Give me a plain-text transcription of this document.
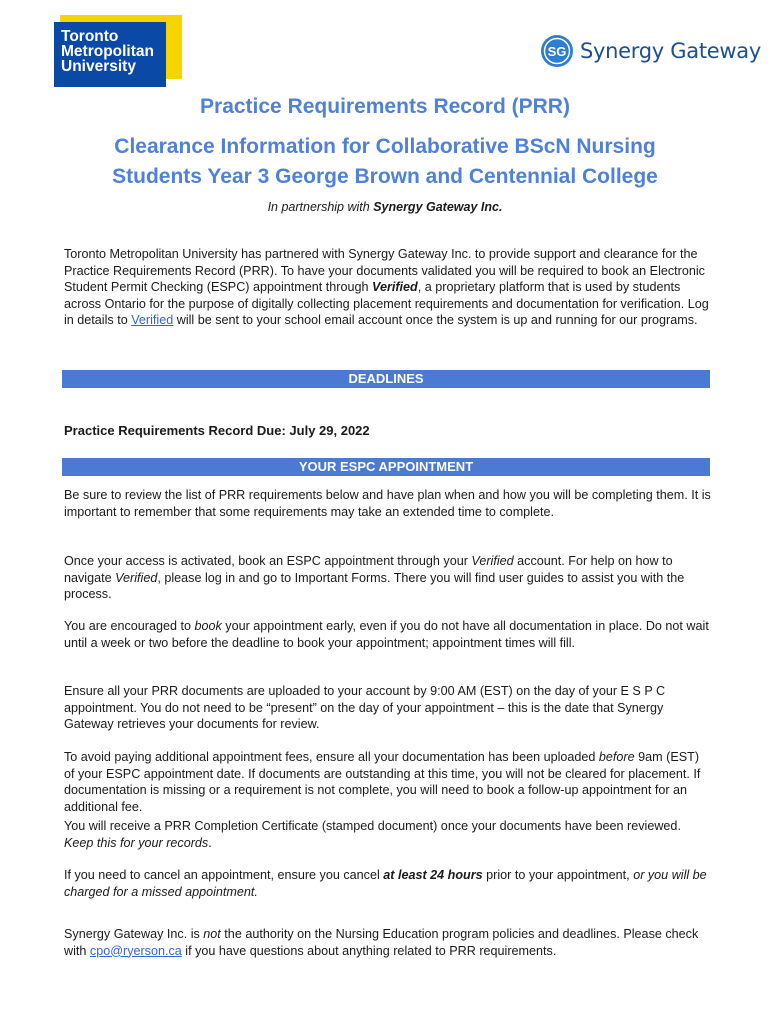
Toronto
Metropolitan
University
SG Synergy Gateway
Practice Requirements Record (PRR)
Clearance Information for Collaborative BScN Nursing
Students Year 3 George Brown and Centennial College
In partnership with Synergy Gateway Inc.
Toronto Metropolitan University has partnered with Synergy Gateway Inc. to provide support and clearance for the Practice Requirements Record (PRR). To have your documents validated you will be required to book an Electronic Student Permit Checking (ESPC) appointment through Verified, a proprietary platform that is used by students across Ontario for the purpose of digitally collecting placement requirements and documentation for verification. Log in details to Verified will be sent to your school email account once the system is up and running for our programs.
DEADLINES
Practice Requirements Record Due: July 29, 2022
YOUR ESPC APPOINTMENT
Be sure to review the list of PRR requirements below and have plan when and how you will be completing them. It is important to remember that some requirements may take an extended time to complete.
Once your access is activated, book an ESPC appointment through your Verified account. For help on how to navigate Verified, please log in and go to Important Forms. There you will find user guides to assist you with the process.
You are encouraged to book your appointment early, even if you do not have all documentation in place. Do not wait until a week or two before the deadline to book your appointment; appointment times will fill.
Ensure all your PRR documents are uploaded to your account by 9:00 AM (EST) on the day of your E S P C appointment. You do not need to be “present” on the day of your appointment – this is the date that Synergy Gateway retrieves your documents for review.
To avoid paying additional appointment fees, ensure all your documentation has been uploaded before 9am (EST) of your ESPC appointment date. If documents are outstanding at this time, you will not be cleared for placement. If documentation is missing or a requirement is not complete, you will need to book a follow-up appointment for an additional fee.
You will receive a PRR Completion Certificate (stamped document) once your documents have been reviewed. Keep this for your records.
If you need to cancel an appointment, ensure you cancel at least 24 hours prior to your appointment, or you will be charged for a missed appointment.
Synergy Gateway Inc. is not the authority on the Nursing Education program policies and deadlines. Please check with cpo@ryerson.ca if you have questions about anything related to PRR requirements.
